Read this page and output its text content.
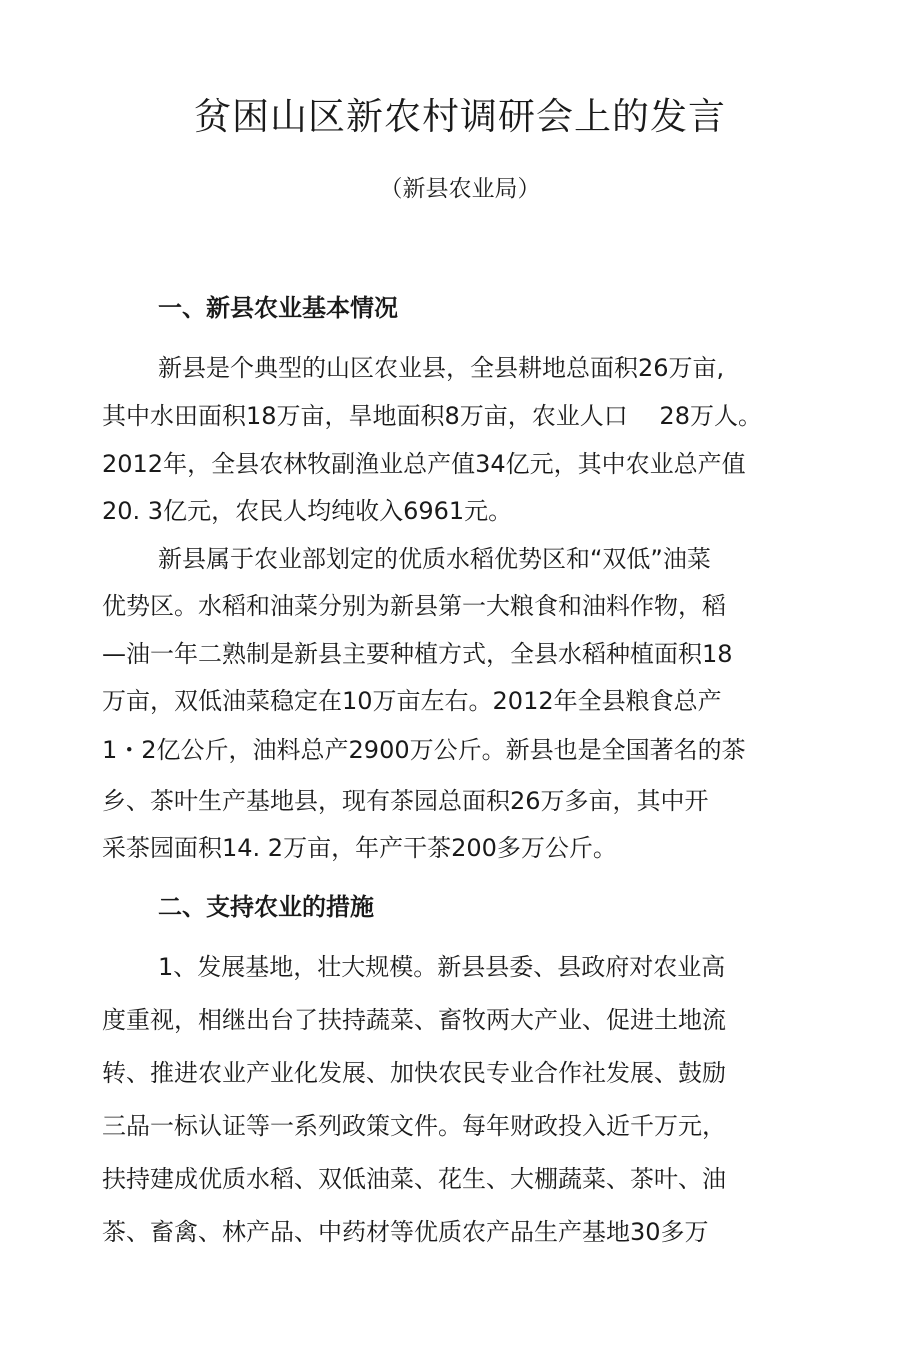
贫困山区新农村调研会上的发言

（新县农业局）

一、新县农业基本情况

新县是个典型的山区农业县，全县耕地总面积26万亩,

其中水田面积18万亩，旱地面积8万亩，农业人口　 28万人。

2012年，全县农林牧副渔业总产值34亿元，其中农业总产值

20. 3亿元，农民人均纯收入6961元。

新县属于农业部划定的优质水稻优势区和“双低”油菜

优势区。水稻和油菜分别为新县第一大粮食和油料作物，稻

—油一年二熟制是新县主要种植方式，全县水稻种植面积18

万亩，双低油菜稳定在10万亩左右。2012年全县粮食总产

1・2亿公斤，油料总产2900万公斤。新县也是全国著名的茶

乡、茶叶生产基地县，现有茶园总面积26万多亩，其中开

采茶园面积14. 2万亩，年产干茶200多万公斤。

二、支持农业的措施

1、发展基地，壮大规模。新县县委、县政府对农业高

度重视，相继出台了扶持蔬菜、畜牧两大产业、促进土地流

转、推进农业产业化发展、加快农民专业合作社发展、鼓励

三品一标认证等一系列政策文件。每年财政投入近千万元，

扶持建成优质水稻、双低油菜、花生、大棚蔬菜、茶叶、油

茶、畜禽、林产品、中药材等优质农产品生产基地30多万
